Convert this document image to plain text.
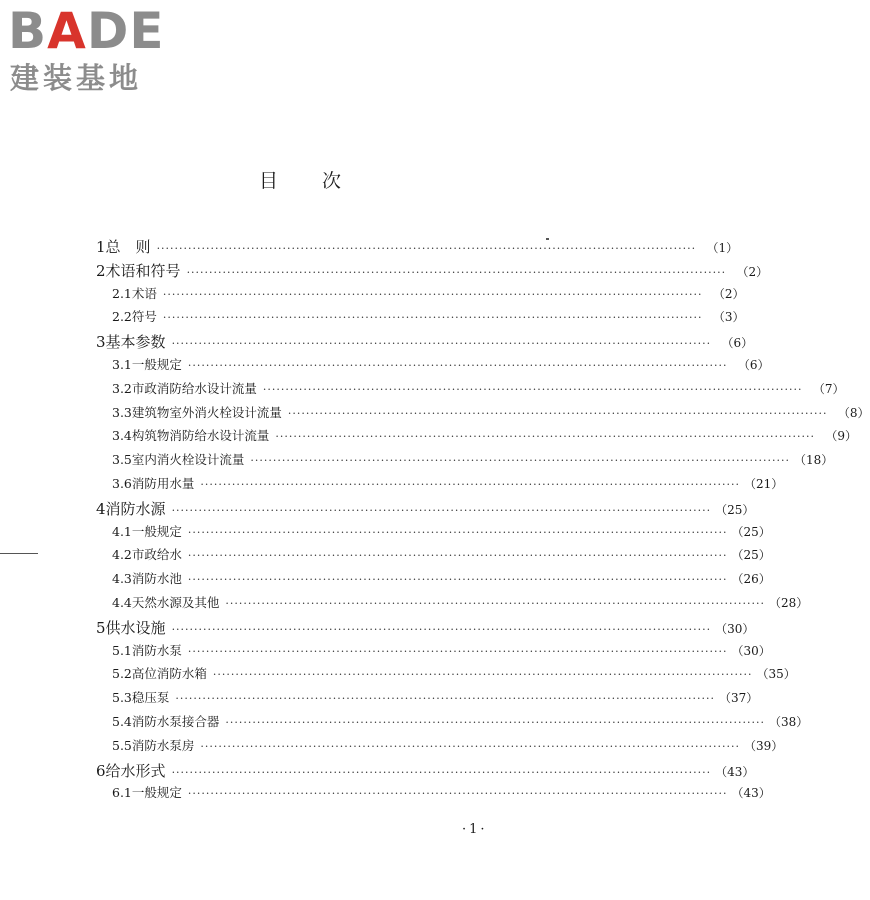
BADE
建装基地
目次
1 总　则 ························································································································ （1）
2 术语和符号 ························································································································ （2）
2.1 术语 ························································································································ （2）
2.2 符号 ························································································································ （3）
3 基本参数 ························································································································ （6）
3.1 一般规定 ························································································································ （6）
3.2 市政消防给水设计流量 ························································································································ （7）
3.3 建筑物室外消火栓设计流量 ························································································································ （8）
3.4 构筑物消防给水设计流量 ························································································································ （9）
3.5 室内消火栓设计流量 ························································································································ （18）
3.6 消防用水量 ························································································································ （21）
4 消防水源 ························································································································ （25）
4.1 一般规定 ························································································································ （25）
4.2 市政给水 ························································································································ （25）
4.3 消防水池 ························································································································ （26）
4.4 天然水源及其他 ························································································································ （28）
5 供水设施 ························································································································ （30）
5.1 消防水泵 ························································································································ （30）
5.2 高位消防水箱 ························································································································ （35）
5.3 稳压泵 ························································································································ （37）
5.4 消防水泵接合器 ························································································································ （38）
5.5 消防水泵房 ························································································································ （39）
6 给水形式 ························································································································ （43）
6.1 一般规定 ························································································································ （43）
·1·
